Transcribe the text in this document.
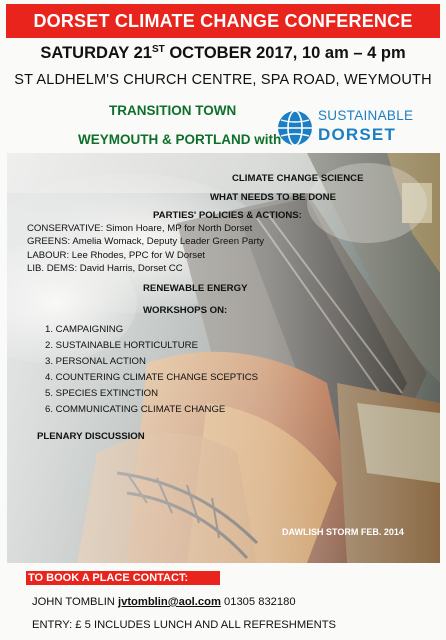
DORSET CLIMATE CHANGE CONFERENCE
SATURDAY 21ST OCTOBER 2017, 10 am – 4 pm
ST ALDHELM'S CHURCH CENTRE, SPA ROAD, WEYMOUTH
TRANSITION TOWN
WEYMOUTH & PORTLAND with
SUSTAINABLE
DORSET
CLIMATE CHANGE SCIENCE
WHAT NEEDS TO BE DONE
PARTIES' POLICIES & ACTIONS:
CONSERVATIVE: Simon Hoare, MP for North Dorset
GREENS: Amelia Womack, Deputy Leader Green Party
LABOUR: Lee Rhodes, PPC for W Dorset
LIB. DEMS: David Harris, Dorset CC
RENEWABLE ENERGY
WORKSHOPS ON:
1. CAMPAIGNING
2. SUSTAINABLE HORTICULTURE
3. PERSONAL ACTION
4. COUNTERING CLIMATE CHANGE SCEPTICS
5. SPECIES EXTINCTION
6. COMMUNICATING CLIMATE CHANGE
PLENARY DISCUSSION
DAWLISH STORM FEB. 2014
TO BOOK A PLACE CONTACT:
JOHN TOMBLIN jvtomblin@aol.com 01305 832180
ENTRY: £ 5 INCLUDES LUNCH AND ALL REFRESHMENTS
